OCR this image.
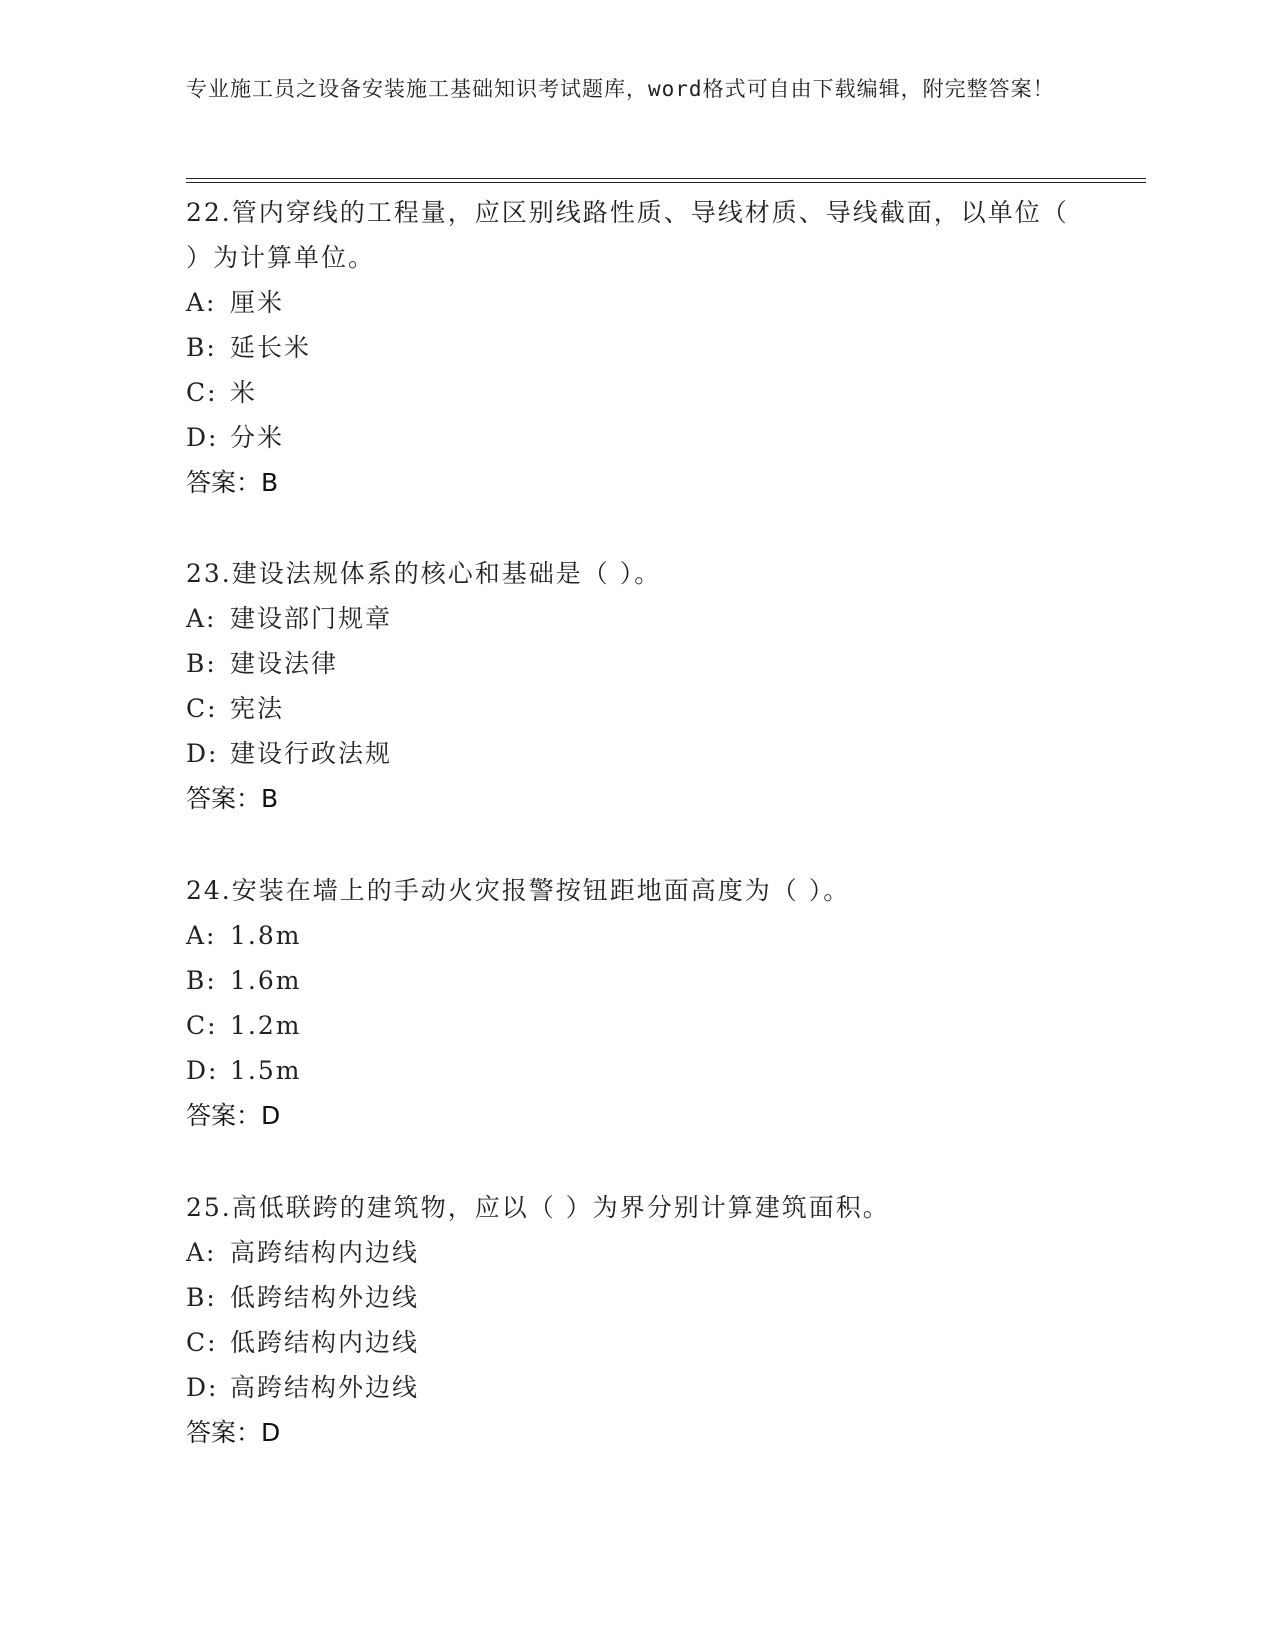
专业施工员之设备安装施工基础知识考试题库，word格式可自由下载编辑，附完整答案！

22.管内穿线的工程量，应区别线路性质、导线材质、导线截面，以单位（ ）为计算单位。

A: 厘米

B: 延长米

C: 米

D: 分米

答案：B

23.建设法规体系的核心和基础是（ ）。

A: 建设部门规章

B: 建设法律

C: 宪法

D: 建设行政法规

答案：B

24.安装在墙上的手动火灾报警按钮距地面高度为（ ）。

A: 1.8m

B: 1.6m

C: 1.2m

D: 1.5m

答案：D

25.高低联跨的建筑物，应以（ ）为界分别计算建筑面积。

A: 高跨结构内边线

B: 低跨结构外边线

C: 低跨结构内边线

D: 高跨结构外边线

答案：D
